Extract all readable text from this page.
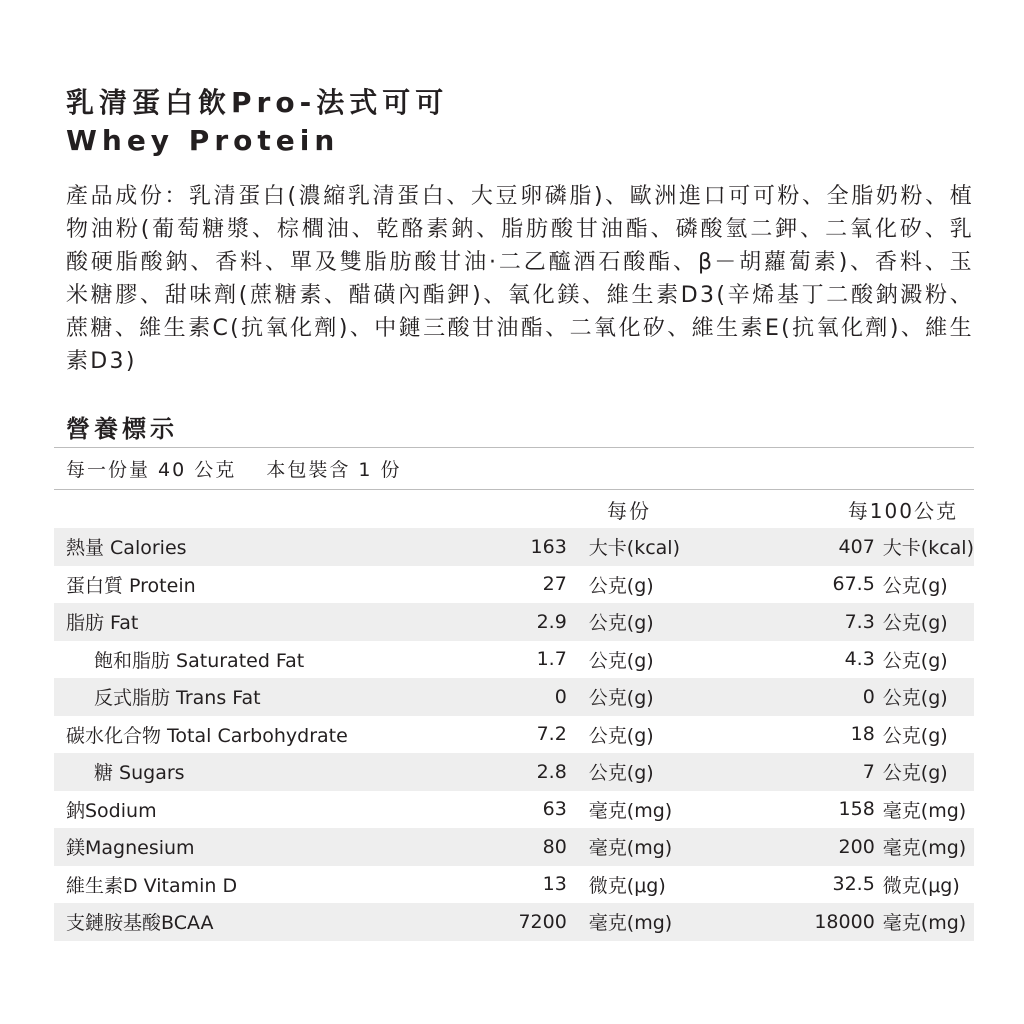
乳清蛋白飲Pro-法式可可
Whey Protein

產品成份：乳清蛋白(濃縮乳清蛋白、大豆卵磷脂)、歐洲進口可可粉、全脂奶粉、植物油粉(葡萄糖漿、棕櫚油、乾酪素鈉、脂肪酸甘油酯、磷酸氫二鉀、二氧化矽、乳酸硬脂酸鈉、香料、單及雙脂肪酸甘油·二乙醯酒石酸酯、β－胡蘿蔔素)、香料、玉米糖膠、甜味劑(蔗糖素、醋磺內酯鉀)、氧化鎂、維生素D3(辛烯基丁二酸鈉澱粉、蔗糖、維生素C(抗氧化劑)、中鏈三酸甘油酯、二氧化矽、維生素E(抗氧化劑)、維生素D3)

營養標示
每一份量 40 公克 本包裝含 1 份
每份	每100公克
熱量 Calories	163	大卡(kcal)	407	大卡(kcal)
蛋白質 Protein	27	公克(g)	67.5	公克(g)
脂肪 Fat	2.9	公克(g)	7.3	公克(g)
飽和脂肪 Saturated Fat	1.7	公克(g)	4.3	公克(g)
反式脂肪 Trans Fat	0	公克(g)	0	公克(g)
碳水化合物 Total Carbohydrate	7.2	公克(g)	18	公克(g)
糖 Sugars	2.8	公克(g)	7	公克(g)
鈉Sodium	63	毫克(mg)	158	毫克(mg)
鎂Magnesium	80	毫克(mg)	200	毫克(mg)
維生素D Vitamin D	13	微克(μg)	32.5	微克(μg)
支鏈胺基酸BCAA	7200	毫克(mg)	18000	毫克(mg)
